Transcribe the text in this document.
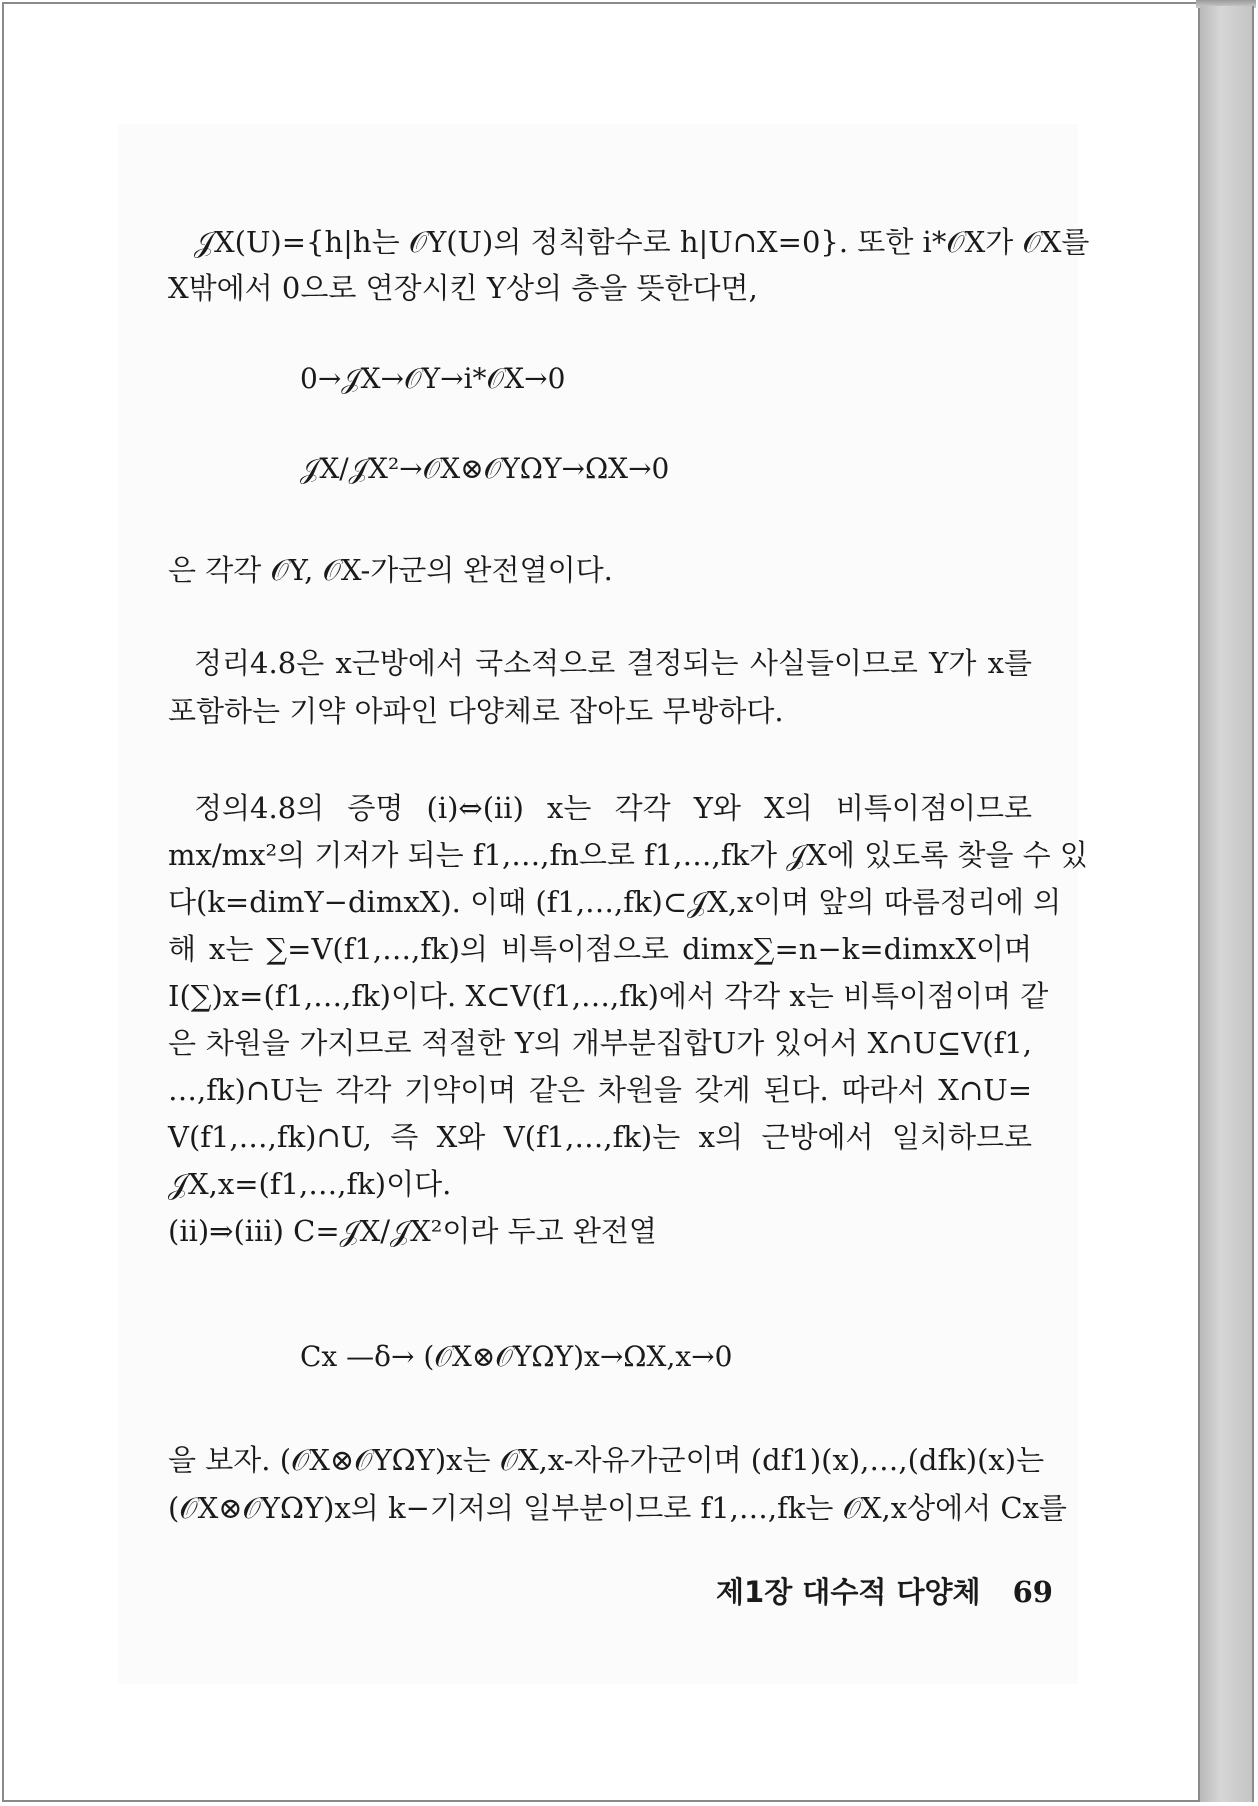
𝒥X(U)={h|h는 𝒪Y(U)의 정칙함수로 h|U∩X=0}. 또한 i*𝒪X가 𝒪X를
X밖에서 0으로 연장시킨 Y상의 층을 뜻한다면,
0→𝒥X→𝒪Y→i*𝒪X→0
𝒥X/𝒥X²→𝒪X⊗𝒪YΩY→ΩX→0
은 각각 𝒪Y, 𝒪X-가군의 완전열이다.
정리4.8은 x근방에서 국소적으로 결정되는 사실들이므로 Y가 x를
포함하는 기약 아파인 다양체로 잡아도 무방하다.
정의4.8의 증명 (i)⇔(ii) x는 각각 Y와 X의 비특이점이므로
mx/mx²의 기저가 되는 f1,…,fn으로 f1,…,fk가 𝒥X에 있도록 찾을 수 있
다(k=dimY−dimxX). 이때 (f1,…,fk)⊂𝒥X,x이며 앞의 따름정리에 의
해 x는 ∑=V(f1,…,fk)의 비특이점으로 dimx∑=n−k=dimxX이며
I(∑)x=(f1,…,fk)이다. X⊂V(f1,…,fk)에서 각각 x는 비특이점이며 같
은 차원을 가지므로 적절한 Y의 개부분집합U가 있어서 X∩U⊆V(f1,
…,fk)∩U는 각각 기약이며 같은 차원을 갖게 된다. 따라서 X∩U=
V(f1,…,fk)∩U, 즉 X와 V(f1,…,fk)는 x의 근방에서 일치하므로
𝒥X,x=(f1,…,fk)이다.
(ii)⇒(iii) C=𝒥X/𝒥X²이라 두고 완전열
Cx —δ→ (𝒪X⊗𝒪YΩY)x→ΩX,x→0
을 보자. (𝒪X⊗𝒪YΩY)x는 𝒪X,x-자유가군이며 (df1)(x),…,(dfk)(x)는
(𝒪X⊗𝒪YΩY)x의 k−기저의 일부분이므로 f1,…,fk는 𝒪X,x상에서 Cx를
제1장 대수적 다양체 69
